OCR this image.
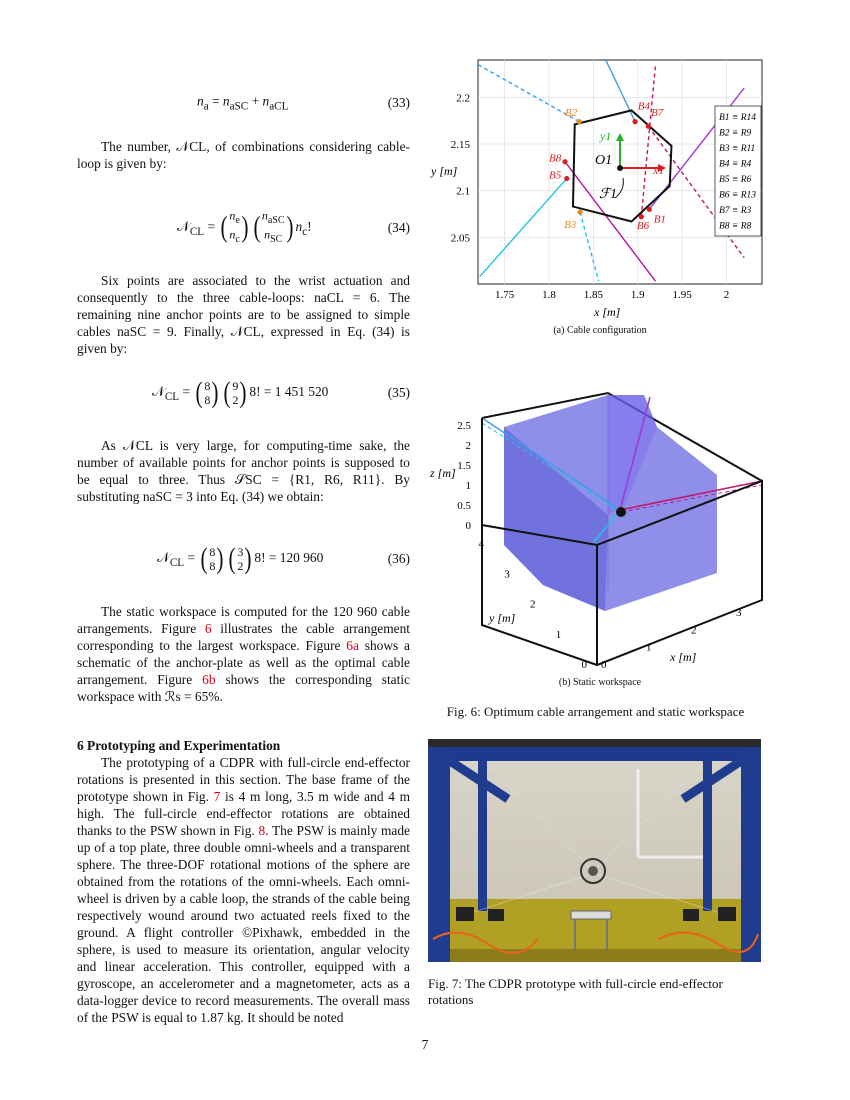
$n_a = n_{aSC} + n_{aCL}$	(33)

The number, 𝒩CL, of combinations considering cable-loop is given by:

𝒩$_{CL}$ = ( $n_e$
$n_c$ ) ( $n_{aSC}$
$n_{SC}$ ) $n_c$!	(34)

Six points are associated to the wrist actuation and consequently to the three cable-loops: naCL = 6. The remaining nine anchor points are to be assigned to simple cables naSC = 9. Finally, 𝒩CL, expressed in Eq. (34) is given by:

𝒩$_{CL}$ = ( 8
8 ) ( 9
2 ) 8! = 1 451 520	(35)

As 𝒩CL is very large, for computing-time sake, the number of available points for anchor points is supposed to be equal to three. Thus 𝒮SC = {R1, R6, R11}. By substituting naSC = 3 into Eq. (34) we obtain:

𝒩$_{CL}$ = ( 8
8 ) ( 3
2 ) 8! = 120 960	(36)

The static workspace is computed for the 120 960 cable arrangements. Figure 6 illustrates the cable arrangement corresponding to the largest workspace. Figure 6a shows a schematic of the anchor-plate as well as the optimal cable arrangement. Figure 6b shows the corresponding static workspace with ℛs = 65%.

6 Prototyping and Experimentation

The prototyping of a CDPR with full-circle end-effector rotations is presented in this section. The base frame of the prototype shown in Fig. 7 is 4 m long, 3.5 m wide and 4 m high. The full-circle end-effector rotations are obtained thanks to the PSW shown in Fig. 8. The PSW is mainly made up of a top plate, three double omni-wheels and a transparent sphere. The three-DOF rotational motions of the sphere are obtained from the rotations of the omni-wheels. Each omni-wheel is driven by a cable loop, the strands of the cable being respectively wound around two actuated reels fixed to the ground. A flight controller ©Pixhawk, embedded in the sphere, is used to measure its orientation, angular velocity and linear acceleration. This controller, equipped with a gyroscope, an accelerometer and a magnetometer, acts as a data-logger device to record measurements. The overall mass of the PSW is equal to 1.87 kg. It should be noted

7
B4
B7
B2
B8
B5
B1
B6
B3
1.75	1.8	1.85	1.9	1.95	2
2.05
2.1
2.15
2.2
B1 ≡ R14
B2 ≡ R9
B3 ≡ R11
B4 ≡ R4
B5 ≡ R6
B6 ≡ R13
B7 ≡ R3
B8 ≡ R8
O1
x1
y1
ℱ1
x [m]
y [m]
(a) Cable configuration
0
0.5
1
1.5
2
2.5
0
1
2
3
4
0
1
2
3
z [m]
y [m]
x [m]
(b) Static workspace
Fig. 6: Optimum cable arrangement and static workspace
Fig. 7: The CDPR prototype with full-circle end-effector rotations
